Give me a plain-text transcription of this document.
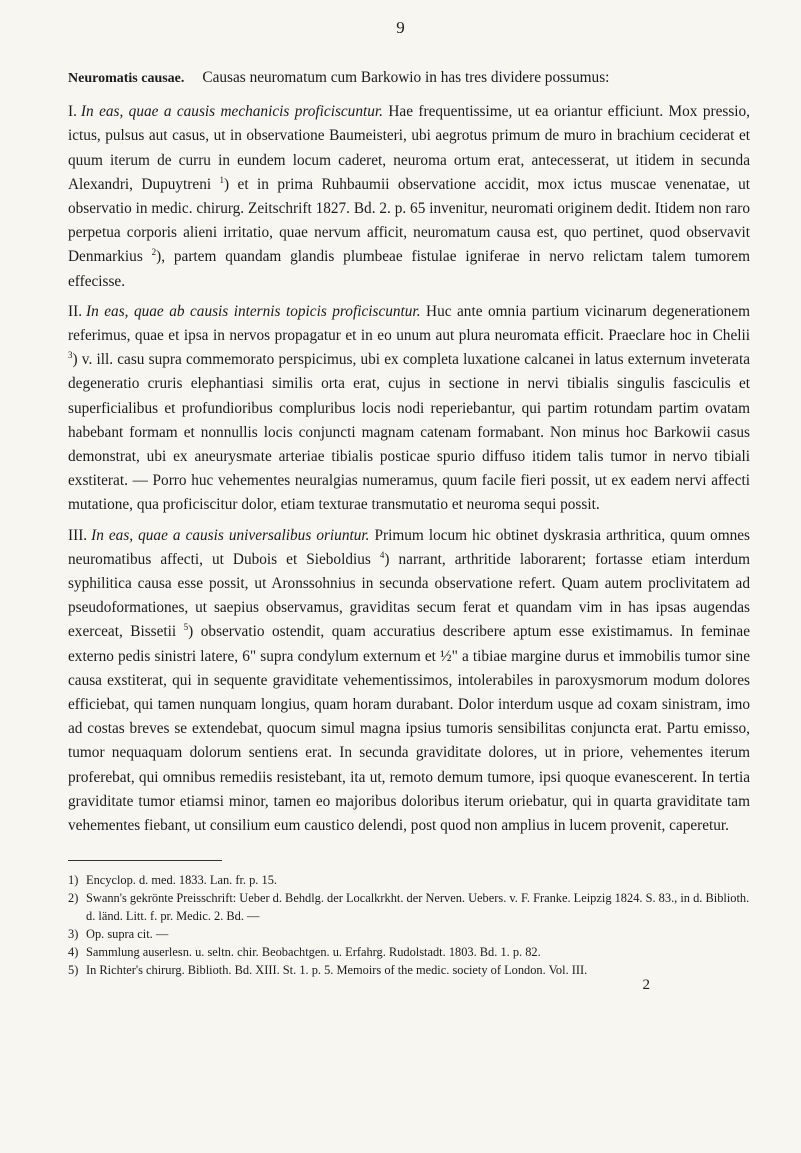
9

Neuromatis causae. Causas neuromatum cum Barkowio in has tres dividere possumus:

I. In eas, quae a causis mechanicis proficiscuntur. Hae frequentissime, ut ea oriantur efficiunt. Mox pressio, ictus, pulsus aut casus, ut in observatione Baumeisteri, ubi aegrotus primum de muro in brachium ceciderat et quum iterum de curru in eundem locum caderet, neuroma ortum erat, antecesserat, ut itidem in secunda Alexandri, Dupuytreni $^1$) et in prima Ruhbaumii observatione accidit, mox ictus muscae venenatae, ut observatio in medic. chirurg. Zeitschrift 1827. Bd. 2. p. 65 invenitur, neuromati originem dedit. Itidem non raro perpetua corporis alieni irritatio, quae nervum afficit, neuromatum causa est, quo pertinet, quod observavit Denmarkius $^2$), partem quandam glandis plumbeae fistulae igniferae in nervo relictam talem tumorem effecisse.

II. In eas, quae ab causis internis topicis proficiscuntur. Huc ante omnia partium vicinarum degenerationem referimus, quae et ipsa in nervos propagatur et in eo unum aut plura neuromata efficit. Praeclare hoc in Chelii $^3$) v. ill. casu supra commemorato perspicimus, ubi ex completa luxatione calcanei in latus externum inveterata degeneratio cruris elephantiasi similis orta erat, cujus in sectione in nervi tibialis singulis fasciculis et superficialibus et profundioribus compluribus locis nodi reperiebantur, qui partim rotundam partim ovatam habebant formam et nonnullis locis conjuncti magnam catenam formabant. Non minus hoc Barkowii casus demonstrat, ubi ex aneurysmate arteriae tibialis posticae spurio diffuso itidem talis tumor in nervo tibiali exstiterat. — Porro huc vehementes neuralgias numeramus, quum facile fieri possit, ut ex eadem nervi affecti mutatione, qua proficiscitur dolor, etiam texturae transmutatio et neuroma sequi possit.

III. In eas, quae a causis universalibus oriuntur. Primum locum hic obtinet dyskrasia arthritica, quum omnes neuromatibus affecti, ut Dubois et Sieboldius $^4$) narrant, arthritide laborarent; fortasse etiam interdum syphilitica causa esse possit, ut Aronssohnius in secunda observatione refert. Quam autem proclivitatem ad pseudoformationes, ut saepius observamus, graviditas secum ferat et quandam vim in has ipsas augendas exerceat, Bissetii $^5$) observatio ostendit, quam accuratius describere aptum esse existimamus. In feminae externo pedis sinistri latere, 6" supra condylum externum et ½" a tibiae margine durus et immobilis tumor sine causa exstiterat, qui in sequente graviditate vehementissimos, intolerabiles in paroxysmorum modum dolores efficiebat, qui tamen nunquam longius, quam horam durabant. Dolor interdum usque ad coxam sinistram, imo ad costas breves se extendebat, quocum simul magna ipsius tumoris sensibilitas conjuncta erat. Partu emisso, tumor nequaquam dolorum sentiens erat. In secunda graviditate dolores, ut in priore, vehementes iterum proferebat, qui omnibus remediis resistebant, ita ut, remoto demum tumore, ipsi quoque evanescerent. In tertia graviditate tumor etiamsi minor, tamen eo majoribus doloribus iterum oriebatur, qui in quarta graviditate tam vehementes fiebant, ut consilium eum caustico delendi, post quod non amplius in lucem provenit, caperetur.

1) Encyclop. d. med. 1833. Lan. fr. p. 15.
2) Swann's gekrönte Preisschrift: Ueber d. Behdlg. der Localkrkht. der Nerven. Uebers. v. F. Franke. Leipzig 1824. S. 83., in d. Biblioth. d. länd. Litt. f. pr. Medic. 2. Bd. —
3) Op. supra cit. —
4) Sammlung auserlesn. u. seltn. chir. Beobachtgen. u. Erfahrg. Rudolstadt. 1803. Bd. 1. p. 82.
5) In Richter's chirurg. Biblioth. Bd. XIII. St. 1. p. 5. Memoirs of the medic. society of London. Vol. III.
2
